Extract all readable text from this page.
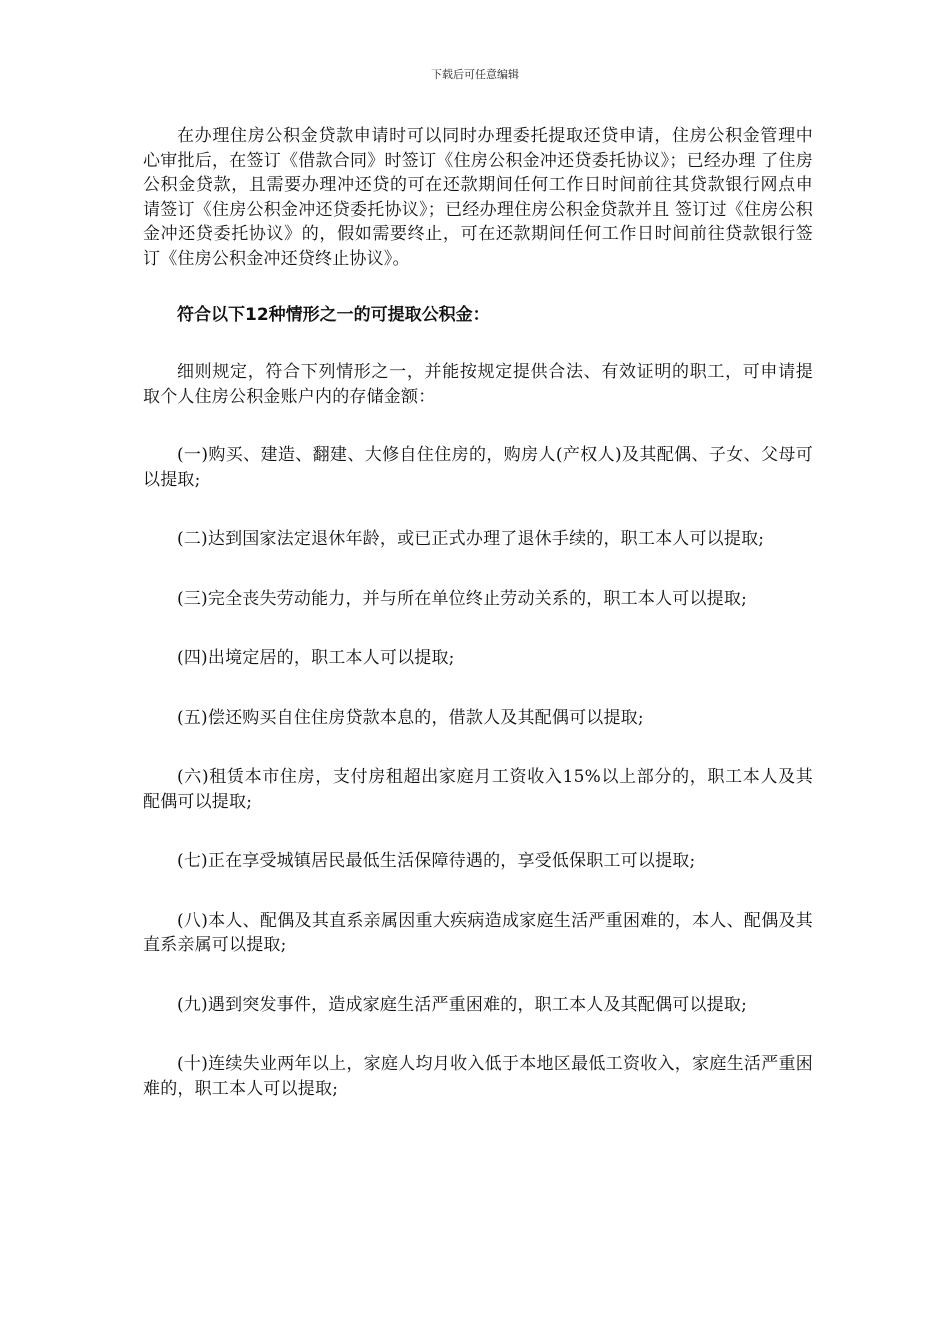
下载后可任意编辑

在办理住房公积金贷款申请时可以同时办理委托提取还贷申请，住房公积金管理中心审批后，在签订《借款合同》时签订《住房公积金冲还贷委托协议》；已经办理 了住房公积金贷款，且需要办理冲还贷的可在还款期间任何工作日时间前往其贷款银行网点申请签订《住房公积金冲还贷委托协议》；已经办理住房公积金贷款并且 签订过《住房公积金冲还贷委托协议》的，假如需要终止，可在还款期间任何工作日时间前往贷款银行签订《住房公积金冲还贷终止协议》。

符合以下12种情形之一的可提取公积金：

细则规定，符合下列情形之一，并能按规定提供合法、有效证明的职工，可申请提取个人住房公积金账户内的存储金额：

(一)购买、建造、翻建、大修自住住房的，购房人(产权人)及其配偶、子女、父母可以提取;

(二)达到国家法定退休年龄，或已正式办理了退休手续的，职工本人可以提取;

(三)完全丧失劳动能力，并与所在单位终止劳动关系的，职工本人可以提取;

(四)出境定居的，职工本人可以提取;

(五)偿还购买自住住房贷款本息的，借款人及其配偶可以提取;

(六)租赁本市住房，支付房租超出家庭月工资收入15%以上部分的，职工本人及其配偶可以提取;

(七)正在享受城镇居民最低生活保障待遇的，享受低保职工可以提取;

(八)本人、配偶及其直系亲属因重大疾病造成家庭生活严重困难的，本人、配偶及其直系亲属可以提取;

(九)遇到突发事件，造成家庭生活严重困难的，职工本人及其配偶可以提取;

(十)连续失业两年以上，家庭人均月收入低于本地区最低工资收入，家庭生活严重困难的，职工本人可以提取;
